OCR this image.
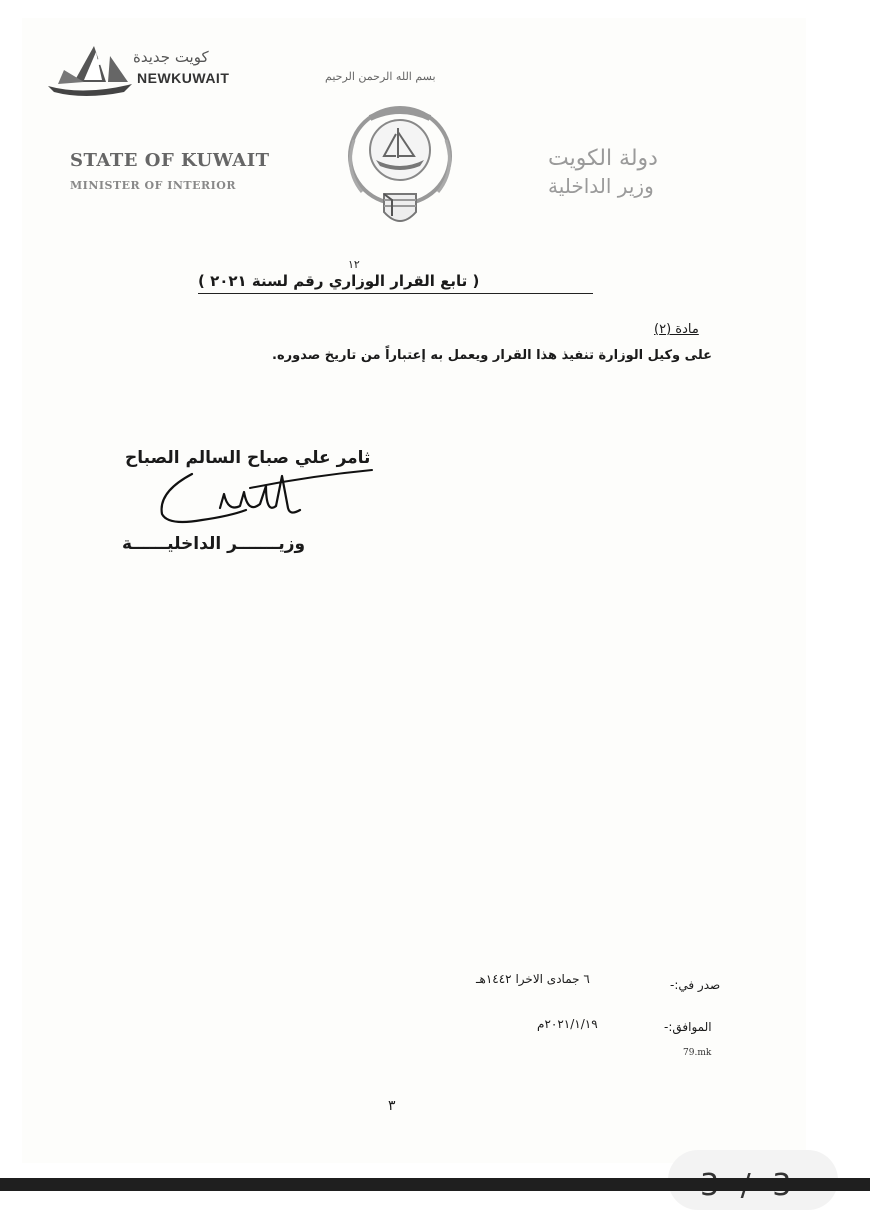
كويت جديدة
NEWKUWAIT	بسم الله الرحمن الرحيم
STATE OF KUWAIT
MINISTER OF INTERIOR
دولة الكويت
وزير الداخلية
١٢
( تابع القرار الوزاري رقم لسنة ٢٠٢١ )
مادة (٢)
على وكيل الوزارة تنفيذ هذا القرار ويعمل به إعتباراً من تاريخ صدوره.
ثامر علي صباح السالم الصباح
وزيـــــــر الداخليــــــة
صدر في:-
٦ جمادى الاخرا ١٤٤٢هـ
الموافق:-
٢٠٢١/١/١٩م
79.mk
٣
